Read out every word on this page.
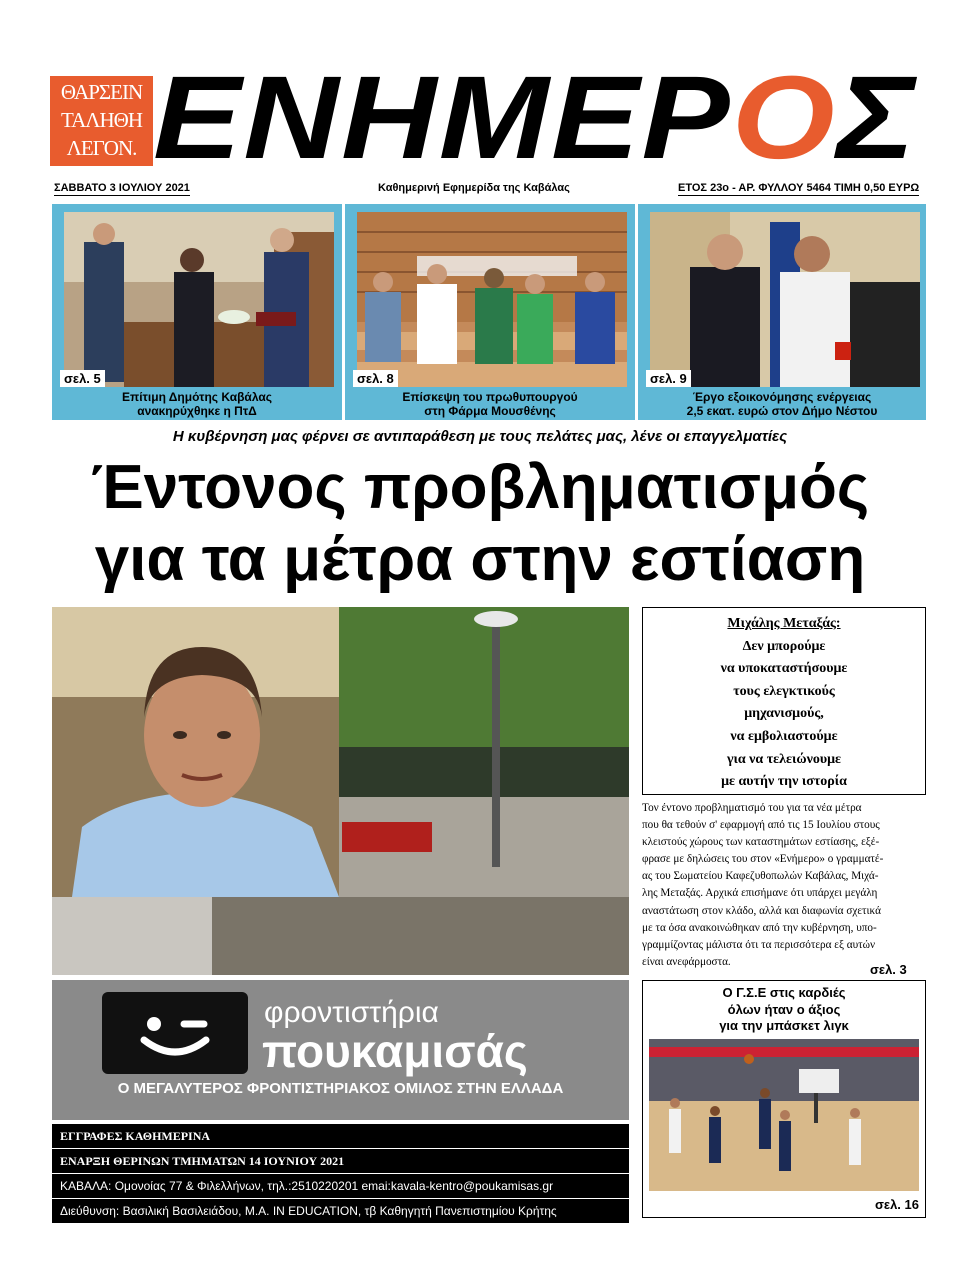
ΘΑΡΣΕΙΝ
ΤΑΛΗΘΗ
ΛΕΓΟΝ. ΕΝΗΜΕΡΟΣ
ΣΑΒΒΑΤΟ 3 ΙΟΥΛΙΟΥ 2021	Καθημερινή Εφημερίδα της Καβάλας	ΕΤΟΣ 23ο - ΑΡ. ΦΥΛΛΟΥ 5464 ΤΙΜΗ 0,50 ΕΥΡΩ
σελ. 5
Επίτιμη Δημότης Καβάλας
ανακηρύχθηκε η ΠτΔ
σελ. 8
Επίσκεψη του πρωθυπουργού
στη Φάρμα Μουσθένης
σελ. 9
Έργο εξοικονόμησης ενέργειας
2,5 εκατ. ευρώ στον Δήμο Νέστου
Η κυβέρνηση μας φέρνει σε αντιπαράθεση με τους πελάτες μας, λένε οι επαγγελματίες
Έντονος προβληματισμός
για τα μέτρα στην εστίαση
Μιχάλης Μεταξάς:
Δεν μπορούμε
να υποκαταστήσουμε
τους ελεγκτικούς
μηχανισμούς,
να εμβολιαστούμε
για να τελειώνουμε
με αυτήν την ιστορία
Τον έντονο προβληματισμό του για τα νέα μέτρα
που θα τεθούν σ' εφαρμογή από τις 15 Ιουλίου στους
κλειστούς χώρους των καταστημάτων εστίασης, εξέ-
φρασε με δηλώσεις του στον «Ενήμερο» ο γραμματέ-
ας του Σωματείου Καφεζυθοπωλών Καβάλας, Μιχά-
λης Μεταξάς. Αρχικά επισήμανε ότι υπάρχει μεγάλη
αναστάτωση στον κλάδο, αλλά και διαφωνία σχετικά
με τα όσα ανακοινώθηκαν από την κυβέρνηση, υπο-
γραμμίζοντας μάλιστα ότι τα περισσότερα εξ αυτών
είναι ανεφάρμοστα.
σελ. 3
φροντιστήρια
πουκαμισάς
Ο ΜΕΓΑΛΥΤΕΡΟΣ ΦΡΟΝΤΙΣΤΗΡΙΑΚΟΣ ΟΜΙΛΟΣ ΣΤΗΝ ΕΛΛΑΔΑ
ΕΓΓΡΑΦΕΣ ΚΑΘΗΜΕΡΙΝΑ
ΕΝΑΡΞΗ ΘΕΡΙΝΩΝ ΤΜΗΜΑΤΩΝ 14 ΙΟΥΝΙΟΥ 2021
ΚΑΒΑΛΑ: Ομονοίας 77 & Φιλελλήνων, τηλ.:2510220201 emai:kavala-kentro@poukamisas.gr
Διεύθυνση: Βασιλική Βασιλειάδου, Μ.Α. IN EDUCATION, τβ Καθηγητή Πανεπιστημίου Κρήτης
Ο Γ.Σ.Ε στις καρδιές
όλων ήταν ο άξιος
για την μπάσκετ λιγκ
σελ. 16
